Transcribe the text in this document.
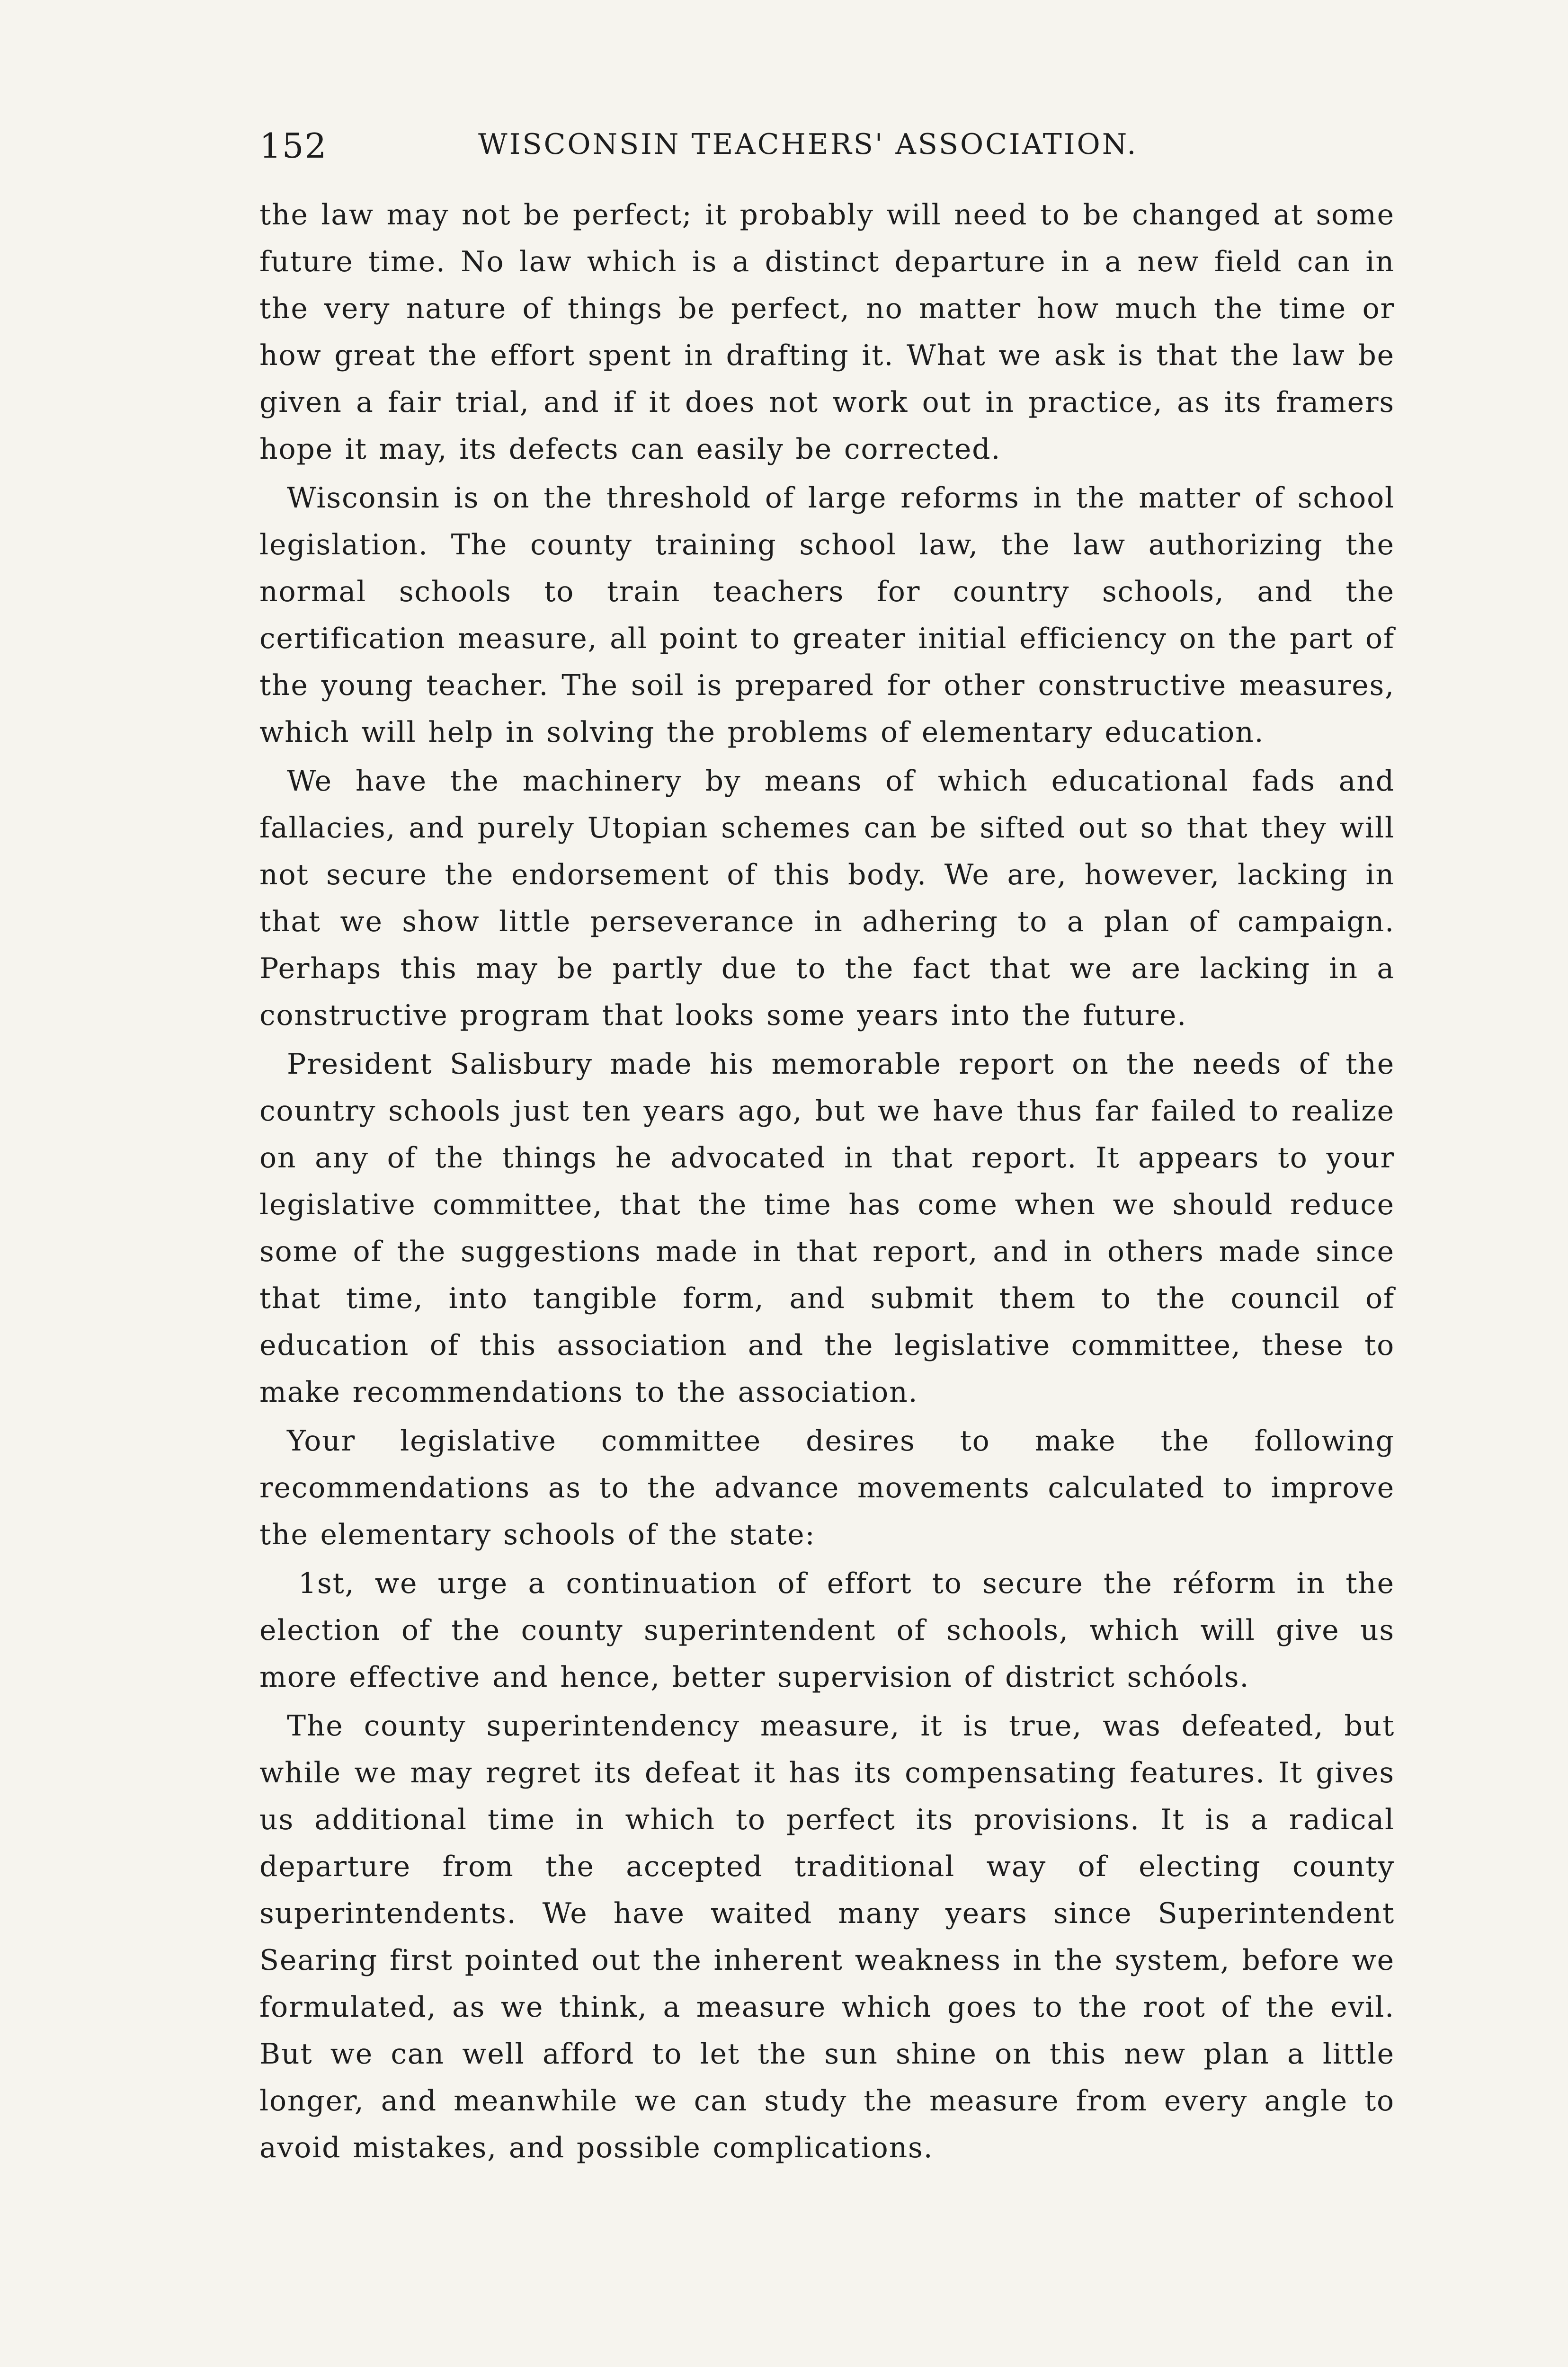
152	WISCONSIN TEACHERS' ASSOCIATION.

the law may not be perfect; it probably will need to be changed at some future time. No law which is a distinct departure in a new field can in the very nature of things be perfect, no matter how much the time or how great the effort spent in drafting it. What we ask is that the law be given a fair trial, and if it does not work out in practice, as its framers hope it may, its defects can easily be corrected.

Wisconsin is on the threshold of large reforms in the matter of school legislation. The county training school law, the law authorizing the normal schools to train teachers for country schools, and the certification measure, all point to greater initial efficiency on the part of the young teacher. The soil is prepared for other constructive measures, which will help in solving the problems of elementary education.

We have the machinery by means of which educational fads and fallacies, and purely Utopian schemes can be sifted out so that they will not secure the endorsement of this body. We are, however, lacking in that we show little perseverance in adhering to a plan of campaign. Perhaps this may be partly due to the fact that we are lacking in a constructive program that looks some years into the future.

President Salisbury made his memorable report on the needs of the country schools just ten years ago, but we have thus far failed to realize on any of the things he advocated in that report. It appears to your legislative committee, that the time has come when we should reduce some of the suggestions made in that report, and in others made since that time, into tangible form, and submit them to the council of education of this association and the legislative committee, these to make recommendations to the association.

Your legislative committee desires to make the following recommendations as to the advance movements calculated to improve the elementary schools of the state:

1st, we urge a continuation of effort to secure the réform in the election of the county superintendent of schools, which will give us more effective and hence, better supervision of district schóols.

The county superintendency measure, it is true, was defeated, but while we may regret its defeat it has its compensating features. It gives us additional time in which to perfect its provisions. It is a radical departure from the accepted traditional way of electing county superintendents. We have waited many years since Superintendent Searing first pointed out the inherent weakness in the system, before we formulated, as we think, a measure which goes to the root of the evil. But we can well afford to let the sun shine on this new plan a little longer, and meanwhile we can study the measure from every angle to avoid mistakes, and possible complications.
